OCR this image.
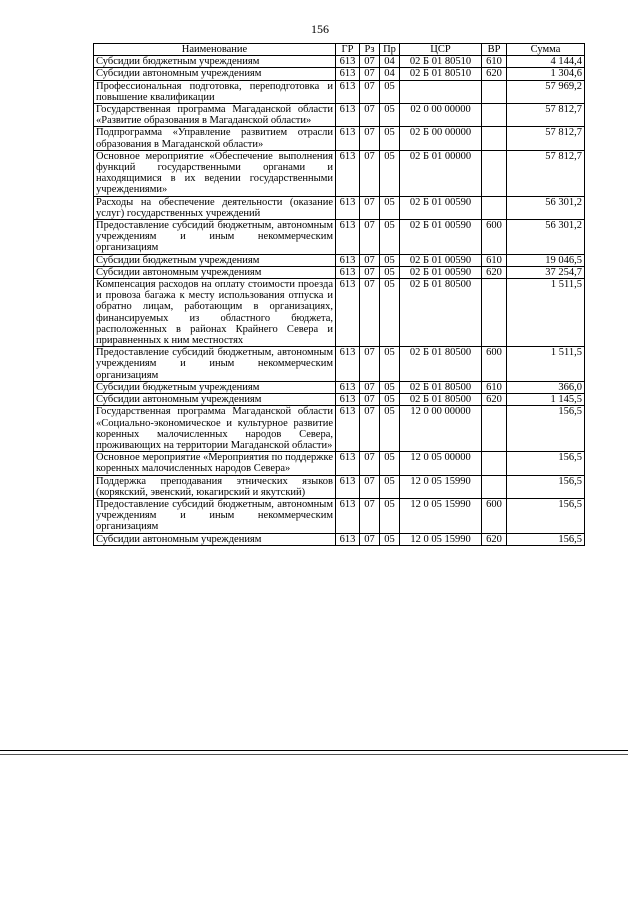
156
Наименование	ГР	Рз	Пр	ЦСР	ВР	Сумма
Субсидии бюджетным учреждениям	613	07	04	02 Б 01 80510	610	4 144,4
Субсидии автономным учреждениям	613	07	04	02 Б 01 80510	620	1 304,6
Профессиональная подготовка, переподготовка и повышение квалификации	613	07	05			57 969,2
Государственная программа Магаданской области «Развитие образования в Магаданской области»	613	07	05	02 0 00 00000		57 812,7
Подпрограмма «Управление развитием отрасли образования в Магаданской области»	613	07	05	02 Б 00 00000		57 812,7
Основное мероприятие «Обеспечение выполнения функций государственными органами и находящимися в их ведении государственными учреждениями»	613	07	05	02 Б 01 00000		57 812,7
Расходы на обеспечение деятельности (оказание услуг) государственных учреждений	613	07	05	02 Б 01 00590		56 301,2
Предоставление субсидий бюджетным, автономным учреждениям и иным некоммерческим организациям	613	07	05	02 Б 01 00590	600	56 301,2
Субсидии бюджетным учреждениям	613	07	05	02 Б 01 00590	610	19 046,5
Субсидии автономным учреждениям	613	07	05	02 Б 01 00590	620	37 254,7
Компенсация расходов на оплату стоимости проезда и провоза багажа к месту использования отпуска и обратно лицам, работающим в организациях, финансируемых из областного бюджета, расположенных в районах Крайнего Севера и приравненных к ним местностях	613	07	05	02 Б 01 80500		1 511,5
Предоставление субсидий бюджетным, автономным учреждениям и иным некоммерческим организациям	613	07	05	02 Б 01 80500	600	1 511,5
Субсидии бюджетным учреждениям	613	07	05	02 Б 01 80500	610	366,0
Субсидии автономным учреждениям	613	07	05	02 Б 01 80500	620	1 145,5
Государственная программа Магаданской области «Социально-экономическое и культурное развитие коренных малочисленных народов Севера, проживающих на территории Магаданской области»	613	07	05	12 0 00 00000		156,5
Основное мероприятие «Мероприятия по поддержке коренных малочисленных народов Севера»	613	07	05	12 0 05 00000		156,5
Поддержка преподавания этнических языков (корякский, эвенский, юкагирский и якутский)	613	07	05	12 0 05 15990		156,5
Предоставление субсидий бюджетным, автономным учреждениям и иным некоммерческим организациям	613	07	05	12 0 05 15990	600	156,5
Субсидии автономным учреждениям	613	07	05	12 0 05 15990	620	156,5
